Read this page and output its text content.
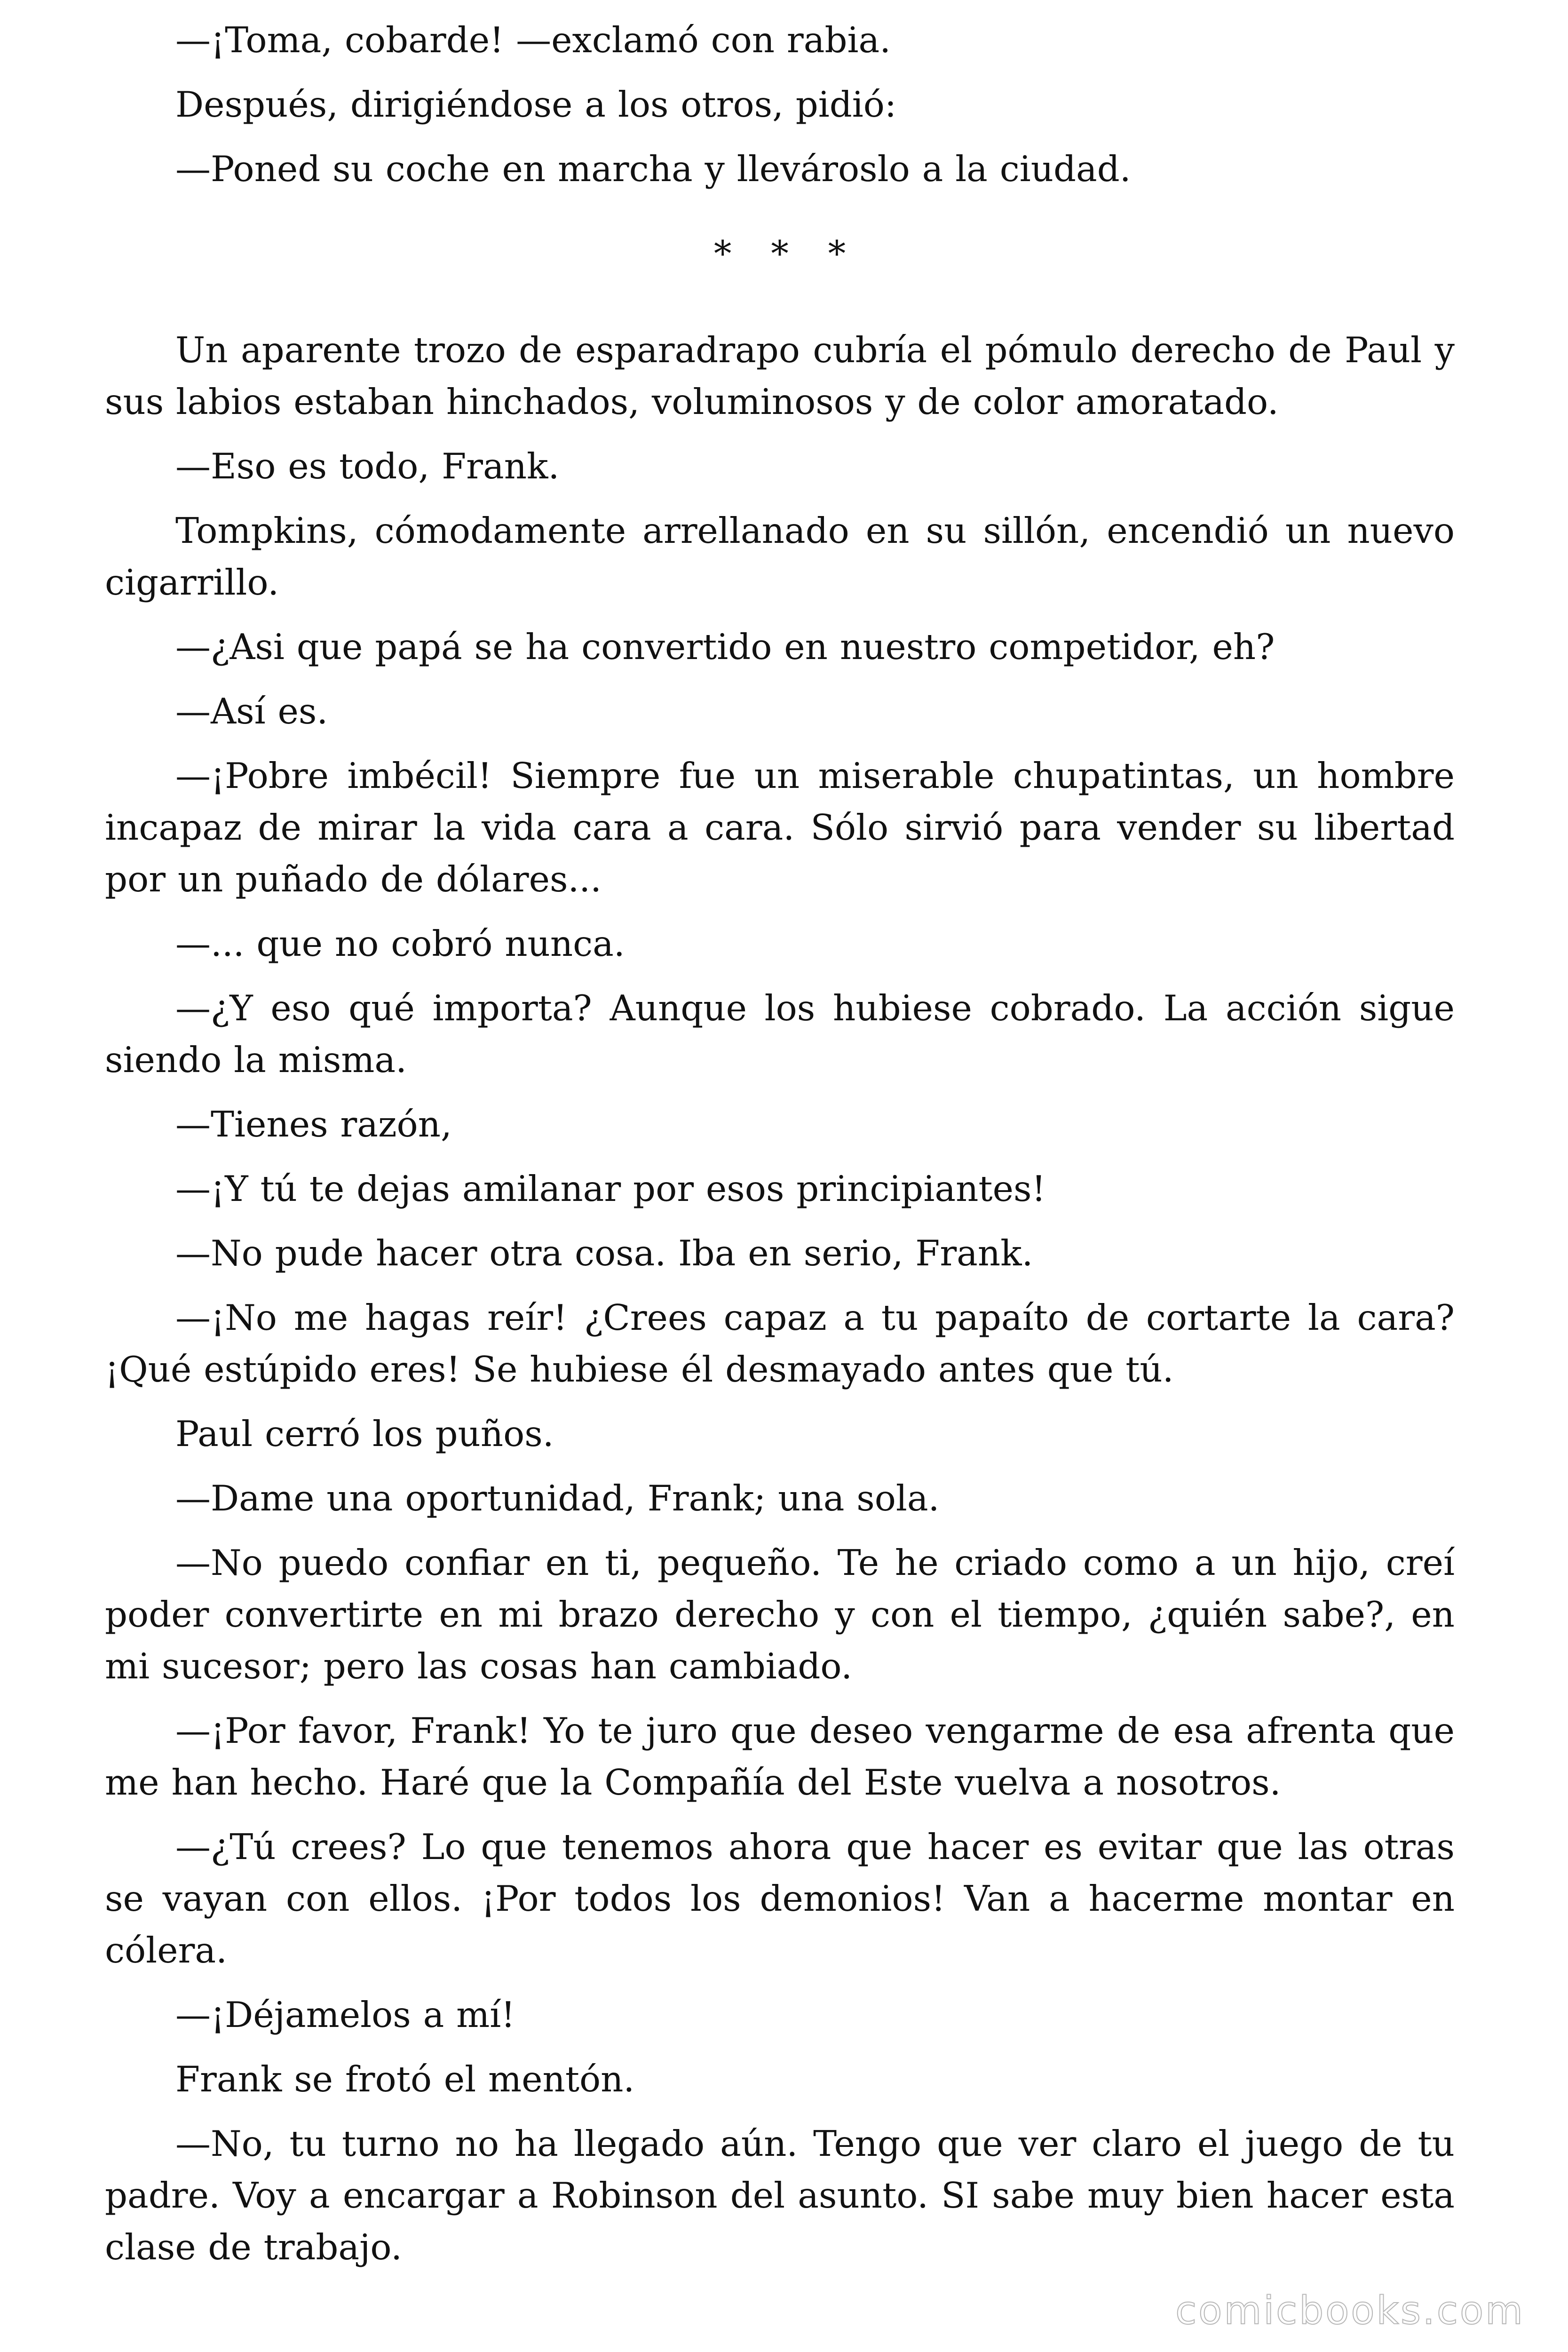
—¡Toma, cobarde! —exclamó con rabia.

Después, dirigiéndose a los otros, pidió:

—Poned su coche en marcha y llevároslo a la ciudad.

* * *

Un aparente trozo de esparadrapo cubría el pómulo derecho de Paul y sus labios estaban hinchados, voluminosos y de color amoratado.

—Eso es todo, Frank.

Tompkins, cómodamente arrellanado en su sillón, encendió un nuevo cigarrillo.

—¿Asi que papá se ha convertido en nuestro competidor, eh?

—Así es.

—¡Pobre imbécil! Siempre fue un miserable chupatintas, un hombre incapaz de mirar la vida cara a cara. Sólo sirvió para vender su libertad por un puñado de dólares...

—... que no cobró nunca.

—¿Y eso qué importa? Aunque los hubiese cobrado. La acción sigue siendo la misma.

—Tienes razón,

—¡Y tú te dejas amilanar por esos principiantes!

—No pude hacer otra cosa. Iba en serio, Frank.

—¡No me hagas reír! ¿Crees capaz a tu papaíto de cortarte la cara? ¡Qué estúpido eres! Se hubiese él desmayado antes que tú.

Paul cerró los puños.

—Dame una oportunidad, Frank; una sola.

—No puedo confiar en ti, pequeño. Te he criado como a un hijo, creí poder convertirte en mi brazo derecho y con el tiempo, ¿quién sabe?, en mi sucesor; pero las cosas han cambiado.

—¡Por favor, Frank! Yo te juro que deseo vengarme de esa afrenta que me han hecho. Haré que la Compañía del Este vuelva a nosotros.

—¿Tú crees? Lo que tenemos ahora que hacer es evitar que las otras se vayan con ellos. ¡Por todos los demonios! Van a hacerme montar en cólera.

—¡Déjamelos a mí!

Frank se frotó el mentón.

—No, tu turno no ha llegado aún. Tengo que ver claro el juego de tu padre. Voy a encargar a Robinson del asunto. SI sabe muy bien hacer esta clase de trabajo.

comicbooks.com
